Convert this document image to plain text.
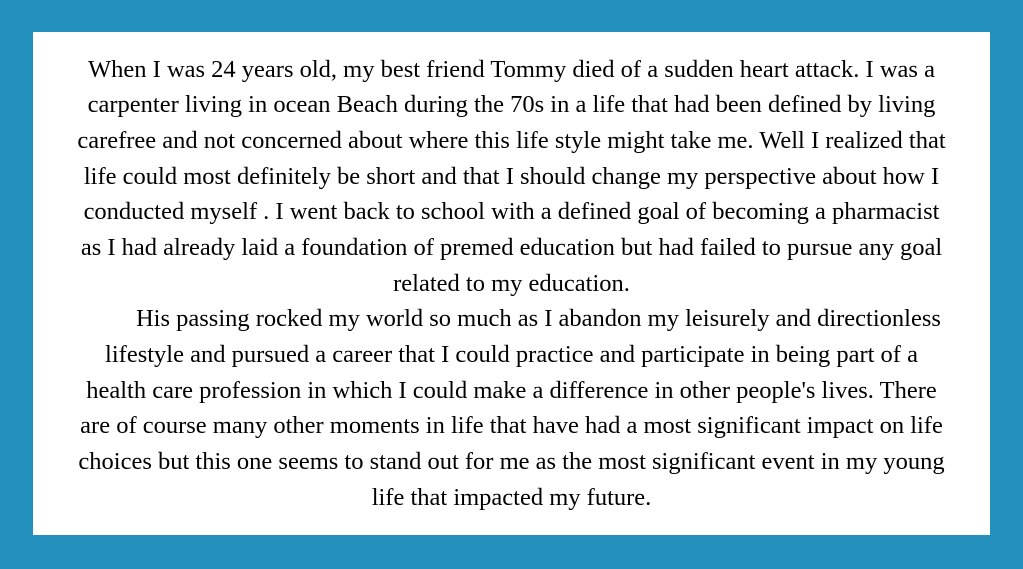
When I was 24 years old, my best friend Tommy died of a sudden heart attack. I was a carpenter living in ocean Beach during the 70s in a life that had been defined by living carefree and not concerned about where this life style might take me. Well I realized that life could most definitely be short and that I should change my perspective about how I conducted myself . I went back to school with a defined goal of becoming a pharmacist as I had already laid a foundation of premed education but had failed to pursue any goal related to my education.

His passing rocked my world so much as I abandon my leisurely and directionless lifestyle and pursued a career that I could practice and participate in being part of a health care profession in which I could make a difference in other people's lives. There are of course many other moments in life that have had a most significant impact on life choices but this one seems to stand out for me as the most significant event in my young life that impacted my future.
